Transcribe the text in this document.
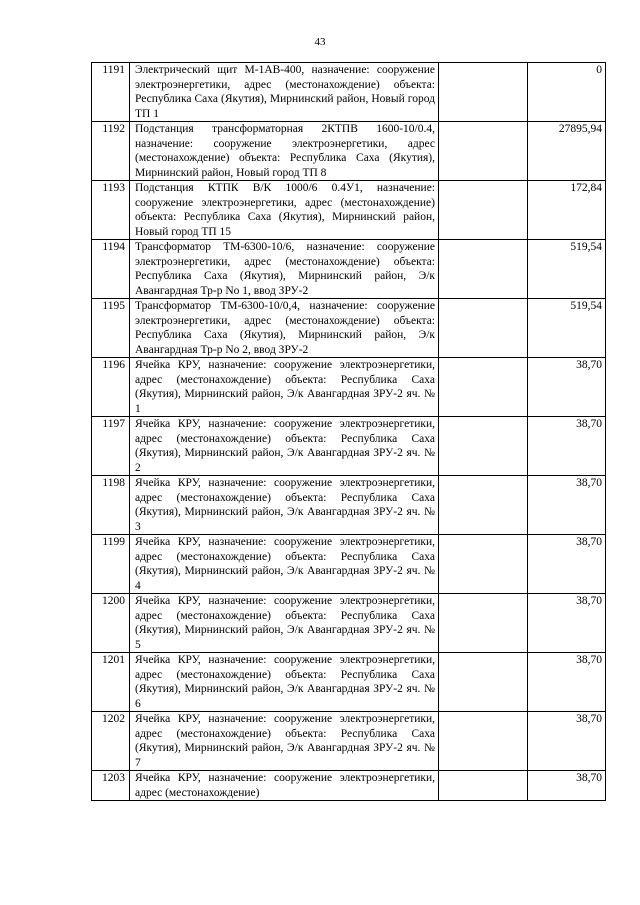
43
1191	Электрический щит М-1АВ-400, назначение: сооружение электроэнергетики, адрес (местонахождение) объекта: Республика Саха (Якутия), Мирнинский район, Новый город ТП 1		0
1192	Подстанция трансформаторная 2КТПВ 1600-10/0.4, назначение: сооружение электроэнергетики, адрес (местонахождение) объекта: Республика Саха (Якутия), Мирнинский район, Новый город ТП 8		27895,94
1193	Подстанция КТПК В/К 1000/6 0.4У1, назначение: сооружение электроэнергетики, адрес (местонахождение) объекта: Республика Саха (Якутия), Мирнинский район, Новый город ТП 15		172,84
1194	Трансформатор ТМ-6300-10/6, назначение: сооружение электроэнергетики, адрес (местонахождение) объекта: Республика Саха (Якутия), Мирнинский район, Э/к Авангардная Тр-р No 1, ввод ЗРУ-2		519,54
1195	Трансформатор ТМ-6300-10/0,4, назначение: сооружение электроэнергетики, адрес (местонахождение) объекта: Республика Саха (Якутия), Мирнинский район, Э/к Авангардная Тр-р No 2, ввод ЗРУ-2		519,54
1196	Ячейка КРУ, назначение: сооружение электроэнергетики, адрес (местонахождение) объекта: Республика Саха (Якутия), Мирнинский район, Э/к Авангардная ЗРУ-2 яч. № 1		38,70
1197	Ячейка КРУ, назначение: сооружение электроэнергетики, адрес (местонахождение) объекта: Республика Саха (Якутия), Мирнинский район, Э/к Авангардная ЗРУ-2 яч. № 2		38,70
1198	Ячейка КРУ, назначение: сооружение электроэнергетики, адрес (местонахождение) объекта: Республика Саха (Якутия), Мирнинский район, Э/к Авангардная ЗРУ-2 яч. № 3		38,70
1199	Ячейка КРУ, назначение: сооружение электроэнергетики, адрес (местонахождение) объекта: Республика Саха (Якутия), Мирнинский район, Э/к Авангардная ЗРУ-2 яч. № 4		38,70
1200	Ячейка КРУ, назначение: сооружение электроэнергетики, адрес (местонахождение) объекта: Республика Саха (Якутия), Мирнинский район, Э/к Авангардная ЗРУ-2 яч. № 5		38,70
1201	Ячейка КРУ, назначение: сооружение электроэнергетики, адрес (местонахождение) объекта: Республика Саха (Якутия), Мирнинский район, Э/к Авангардная ЗРУ-2 яч. № 6		38,70
1202	Ячейка КРУ, назначение: сооружение электроэнергетики, адрес (местонахождение) объекта: Республика Саха (Якутия), Мирнинский район, Э/к Авангардная ЗРУ-2 яч. № 7		38,70
1203	Ячейка КРУ, назначение: сооружение электроэнергетики, адрес (местонахождение)		38,70
